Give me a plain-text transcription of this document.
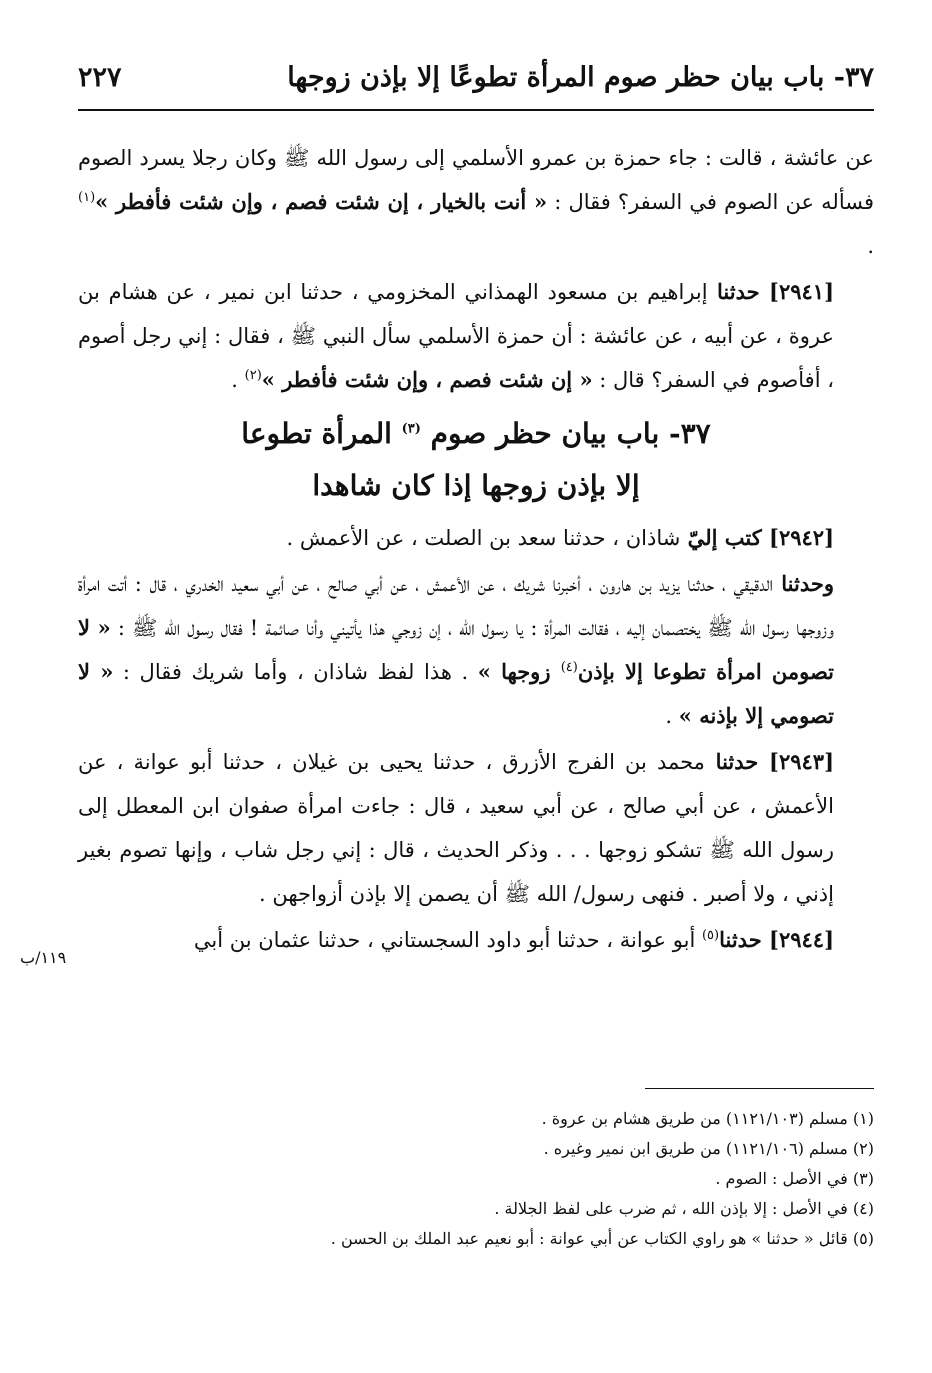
٣٧- باب بيان حظر صوم المرأة تطوعًا إلا بإذن زوجها
٢٢٧

عن عائشة ، قالت : جاء حمزة بن عمرو الأسلمي إلى رسول الله ﷺ وكان رجلا يسرد الصوم فسأله عن الصوم في السفر؟ فقال : « أنت بالخيار ، إن شئت فصم ، وإن شئت فأفطر »$^{(١)}$ .

[٢٩٤١] حدثنا إبراهيم بن مسعود الهمذاني المخزومي ، حدثنا ابن نمير ، عن هشام بن عروة ، عن أبيه ، عن عائشة : أن حمزة الأسلمي سأل النبي ﷺ ، فقال : إني رجل أصوم ، أفأصوم في السفر؟ قال : « إن شئت فصم ، وإن شئت فأفطر »$^{(٢)}$ .

٣٧- باب بيان حظر صوم $^{(٣)}$ المرأة تطوعا
إلا بإذن زوجها إذا كان شاهدا

[٢٩٤٢] كتب إليّ شاذان ، حدثنا سعد بن الصلت ، عن الأعمش .

وحدثنا الدقيقي ، حدثنا يزيد بن هارون ، أخبرنا شريك ، عن الأعمش ، عن أبي صالح ، عن أبي سعيد الخدري ، قال : أتت امرأة وزوجها رسول الله ﷺ يختصمان إليه ، فقالت المرأة : يا رسول الله ، إن زوجي هذا يأتيني وأنا صائمة ! فقال رسول الله ﷺ : « لا تصومن امرأة تطوعا إلا بإذن$^{(٤)}$ زوجها » . هذا لفظ شاذان ، وأما شريك فقال : « لا تصومي إلا بإذنه » .

[٢٩٤٣] حدثنا محمد بن الفرج الأزرق ، حدثنا يحيى بن غيلان ، حدثنا أبو عوانة ، عن الأعمش ، عن أبي صالح ، عن أبي سعيد ، قال : جاءت امرأة صفوان ابن المعطل إلى رسول الله ﷺ تشكو زوجها . . . وذكر الحديث ، قال : إني رجل شاب ، وإنها تصوم بغير إذني ، ولا أصبر . فنهى رسول/ الله ﷺ أن يصمن إلا بإذن أزواجهن .

[٢٩٤٤] حدثنا$^{(٥)}$ أبو عوانة ، حدثنا أبو داود السجستاني ، حدثنا عثمان بن أبي

١١٩/ب
(١) مسلم (١١٢١/١٠٣) من طريق هشام بن عروة .
(٢) مسلم (١١٢١/١٠٦) من طريق ابن نمير وغيره .
(٣) في الأصل : الصوم .
(٤) في الأصل : إلا بإذن الله ، ثم ضرب على لفظ الجلالة .
(٥) قائل « حدثنا » هو راوي الكتاب عن أبي عوانة : أبو نعيم عبد الملك بن الحسن .
